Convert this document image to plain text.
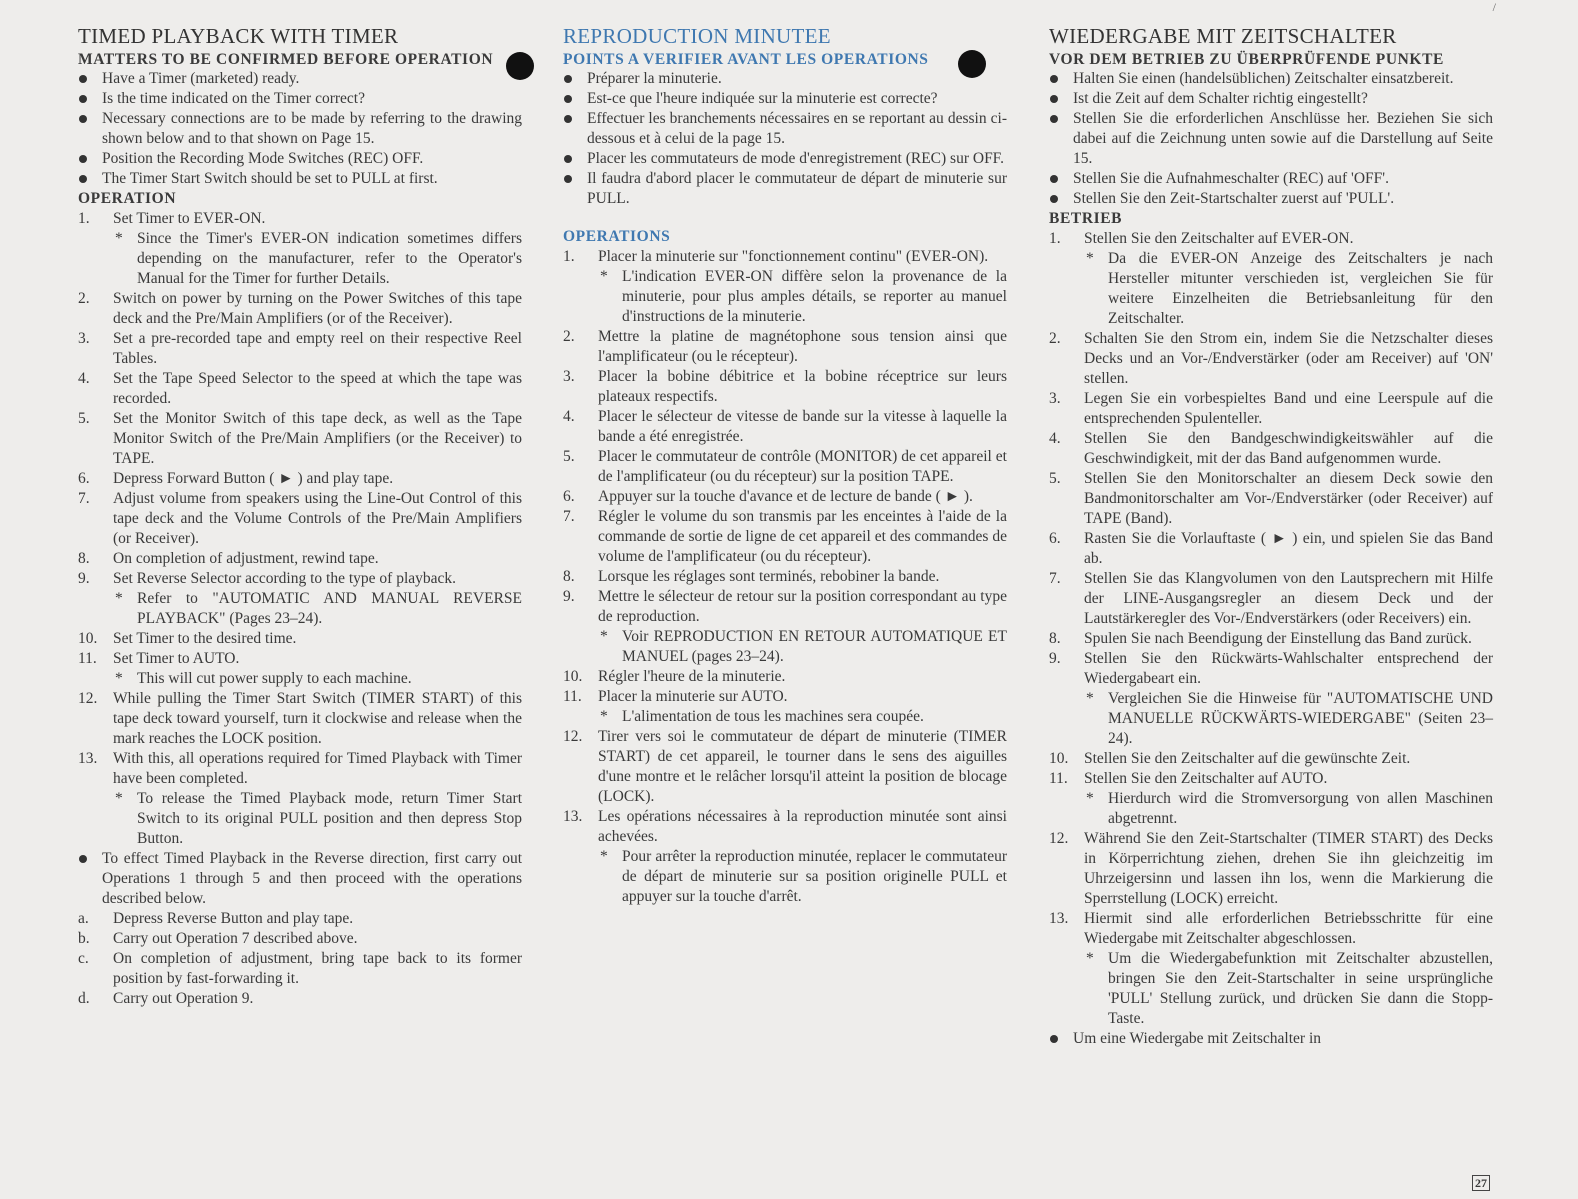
/
TIMED PLAYBACK WITH TIMER
MATTERS TO BE CONFIRMED BEFORE OPERATION
Have a Timer (marketed) ready.
Is the time indicated on the Timer correct?
Necessary connections are to be made by referring to the drawing shown below and to that shown on Page 15.
Position the Recording Mode Switches (REC) OFF.
The Timer Start Switch should be set to PULL at first.
OPERATION
1. Set Timer to EVER-ON.
* Since the Timer's EVER-ON indication sometimes differs depending on the manufacturer, refer to the Operator's Manual for the Timer for further Details.
2. Switch on power by turning on the Power Switches of this tape deck and the Pre/Main Amplifiers (or of the Receiver).
3. Set a pre-recorded tape and empty reel on their respective Reel Tables.
4. Set the Tape Speed Selector to the speed at which the tape was recorded.
5. Set the Monitor Switch of this tape deck, as well as the Tape Monitor Switch of the Pre/Main Amplifiers (or the Receiver) to TAPE.
6. Depress Forward Button ( ► ) and play tape.
7. Adjust volume from speakers using the Line-Out Control of this tape deck and the Volume Controls of the Pre/Main Amplifiers (or Receiver).
8. On completion of adjustment, rewind tape.
9. Set Reverse Selector according to the type of playback.
* Refer to "AUTOMATIC AND MANUAL REVERSE PLAYBACK" (Pages 23–24).
10. Set Timer to the desired time.
11. Set Timer to AUTO.
* This will cut power supply to each machine.
12. While pulling the Timer Start Switch (TIMER START) of this tape deck toward yourself, turn it clockwise and release when the mark reaches the LOCK position.
13. With this, all operations required for Timed Playback with Timer have been completed.
* To release the Timed Playback mode, return Timer Start Switch to its original PULL position and then depress Stop Button.
To effect Timed Playback in the Reverse direction, first carry out Operations 1 through 5 and then proceed with the operations described below.
a. Depress Reverse Button and play tape.
b. Carry out Operation 7 described above.
c. On completion of adjustment, bring tape back to its former position by fast-forwarding it.
d. Carry out Operation 9.
REPRODUCTION MINUTEE
POINTS A VERIFIER AVANT LES OPERATIONS
Préparer la minuterie.
Est-ce que l'heure indiquée sur la minuterie est correcte?
Effectuer les branchements nécessaires en se reportant au dessin ci-dessous et à celui de la page 15.
Placer les commutateurs de mode d'enregistrement (REC) sur OFF.
Il faudra d'abord placer le commutateur de départ de minuterie sur PULL.
OPERATIONS
1. Placer la minuterie sur "fonctionnement continu" (EVER-ON).
* L'indication EVER-ON diffère selon la provenance de la minuterie, pour plus amples détails, se reporter au manuel d'instructions de la minuterie.
2. Mettre la platine de magnétophone sous tension ainsi que l'amplificateur (ou le récepteur).
3. Placer la bobine débitrice et la bobine réceptrice sur leurs plateaux respectifs.
4. Placer le sélecteur de vitesse de bande sur la vitesse à laquelle la bande a été enregistrée.
5. Placer le commutateur de contrôle (MONITOR) de cet appareil et de l'amplificateur (ou du récepteur) sur la position TAPE.
6. Appuyer sur la touche d'avance et de lecture de bande ( ► ).
7. Régler le volume du son transmis par les enceintes à l'aide de la commande de sortie de ligne de cet appareil et des commandes de volume de l'amplificateur (ou du récepteur).
8. Lorsque les réglages sont terminés, rebobiner la bande.
9. Mettre le sélecteur de retour sur la position correspondant au type de reproduction.
* Voir REPRODUCTION EN RETOUR AUTOMATIQUE ET MANUEL (pages 23–24).
10. Régler l'heure de la minuterie.
11. Placer la minuterie sur AUTO.
* L'alimentation de tous les machines sera coupée.
12. Tirer vers soi le commutateur de départ de minuterie (TIMER START) de cet appareil, le tourner dans le sens des aiguilles d'une montre et le relâcher lorsqu'il atteint la position de blocage (LOCK).
13. Les opérations nécessaires à la reproduction minutée sont ainsi achevées.
* Pour arrêter la reproduction minutée, replacer le commutateur de départ de minuterie sur sa position originelle PULL et appuyer sur la touche d'arrêt.
WIEDERGABE MIT ZEITSCHALTER
VOR DEM BETRIEB ZU ÜBERPRÜFENDE PUNKTE
Halten Sie einen (handelsüblichen) Zeitschalter einsatzbereit.
Ist die Zeit auf dem Schalter richtig eingestellt?
Stellen Sie die erforderlichen Anschlüsse her. Beziehen Sie sich dabei auf die Zeichnung unten sowie auf die Darstellung auf Seite 15.
Stellen Sie die Aufnahmeschalter (REC) auf 'OFF'.
Stellen Sie den Zeit-Startschalter zuerst auf 'PULL'.
BETRIEB
1. Stellen Sie den Zeitschalter auf EVER-ON.
* Da die EVER-ON Anzeige des Zeitschalters je nach Hersteller mitunter verschieden ist, vergleichen Sie für weitere Einzelheiten die Betriebsanleitung für den Zeitschalter.
2. Schalten Sie den Strom ein, indem Sie die Netzschalter dieses Decks und an Vor-/Endverstärker (oder am Receiver) auf 'ON' stellen.
3. Legen Sie ein vorbespieltes Band und eine Leerspule auf die entsprechenden Spulenteller.
4. Stellen Sie den Bandgeschwindigkeitswähler auf die Geschwindigkeit, mit der das Band aufgenommen wurde.
5. Stellen Sie den Monitorschalter an diesem Deck sowie den Bandmonitorschalter am Vor-/Endverstärker (oder Receiver) auf TAPE (Band).
6. Rasten Sie die Vorlauftaste ( ► ) ein, und spielen Sie das Band ab.
7. Stellen Sie das Klangvolumen von den Lautsprechern mit Hilfe der LINE-Ausgangsregler an diesem Deck und der Lautstärkeregler des Vor-/Endverstärkers (oder Receivers) ein.
8. Spulen Sie nach Beendigung der Einstellung das Band zurück.
9. Stellen Sie den Rückwärts-Wahlschalter entsprechend der Wiedergabeart ein.
* Vergleichen Sie die Hinweise für "AUTOMATISCHE UND MANUELLE RÜCKWÄRTS-WIEDERGABE" (Seiten 23–24).
10. Stellen Sie den Zeitschalter auf die gewünschte Zeit.
11. Stellen Sie den Zeitschalter auf AUTO.
* Hierdurch wird die Stromversorgung von allen Maschinen abgetrennt.
12. Während Sie den Zeit-Startschalter (TIMER START) des Decks in Körperrichtung ziehen, drehen Sie ihn gleichzeitig im Uhrzeigersinn und lassen ihn los, wenn die Markierung die Sperrstellung (LOCK) erreicht.
13. Hiermit sind alle erforderlichen Betriebsschritte für eine Wiedergabe mit Zeitschalter abgeschlossen.
* Um die Wiedergabefunktion mit Zeitschalter abzustellen, bringen Sie den Zeit-Startschalter in seine ursprüngliche 'PULL' Stellung zurück, und drücken Sie dann die Stopp-Taste.
Um eine Wiedergabe mit Zeitschalter in
27
